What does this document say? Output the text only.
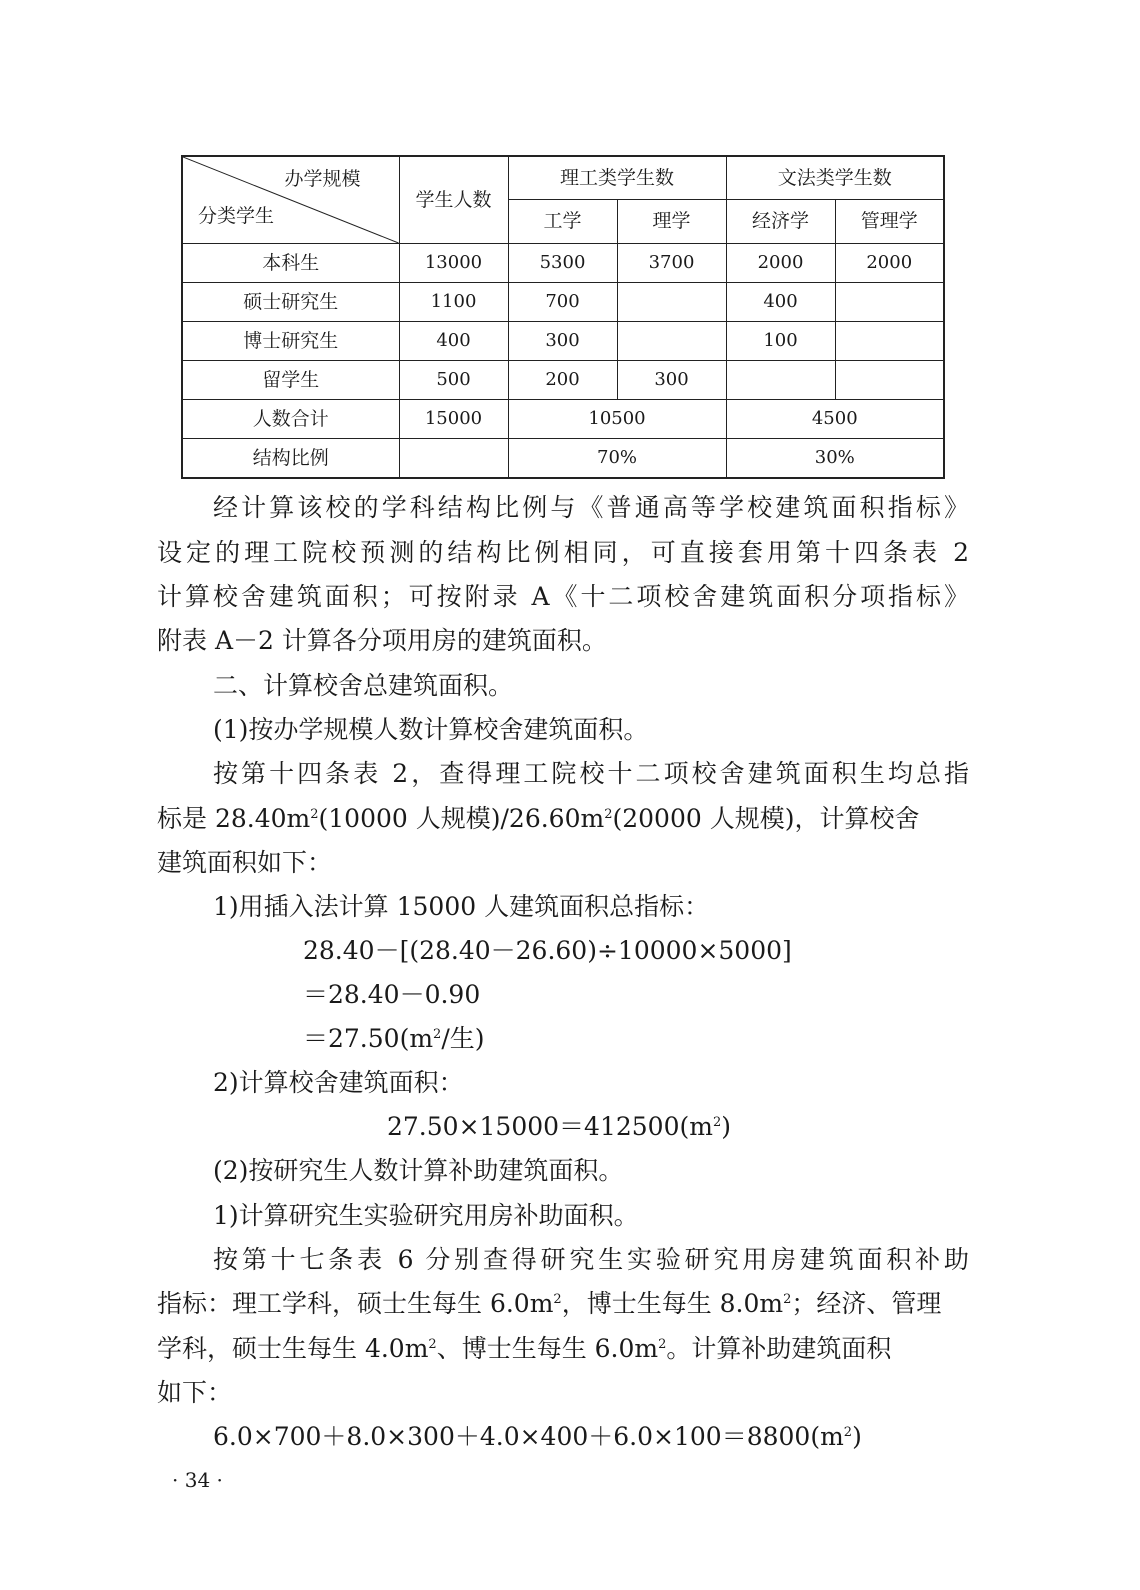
办学规模
分类学生	学生人数	理工类学生数		文法类学生数	
		工学	理学	经济学	管理学
本科生	13000	5300	3700	2000	2000
硕士研究生	1100	700		400	
博士研究生	400	300		100	
留学生	500	200	300		
人数合计	15000	10500		4500	
结构比例		70%		30%	
经计算该校的学科结构比例与《普通高等学校建筑面积指标》
设定的理工院校预测的结构比例相同，可直接套用第十四条表 2
计算校舍建筑面积；可按附录 A《十二项校舍建筑面积分项指标》
附表 A－2 计算各分项用房的建筑面积。
二、计算校舍总建筑面积。
(1)按办学规模人数计算校舍建筑面积。
按第十四条表 2，查得理工院校十二项校舍建筑面积生均总指
标是 $28.40m^2(10000$ 人规模)$/26.60m^2(20000$ 人规模)，计算校舍
建筑面积如下：
1)用插入法计算 15000 人建筑面积总指标：
28.40－[(28.40－26.60)÷10000×5000]
＝28.40－0.90
$=27.50(m^2/$生)
2)计算校舍建筑面积：
$27.50\times 15000=412500(m^2)$
(2)按研究生人数计算补助建筑面积。
1)计算研究生实验研究用房补助面积。
按第十七条表 6 分别查得研究生实验研究用房建筑面积补助
指标：理工学科，硕士生每生 $6.0m^2$，博士生每生 $8.0m^2$；经济、管理
学科，硕士生每生 $4.0m^2$、博士生每生 $6.0m^2$。计算补助建筑面积
如下：
$6.0\times 700+8.0\times 300+4.0\times 400+6.0\times 100=8800(m^2)$
· 34 ·
